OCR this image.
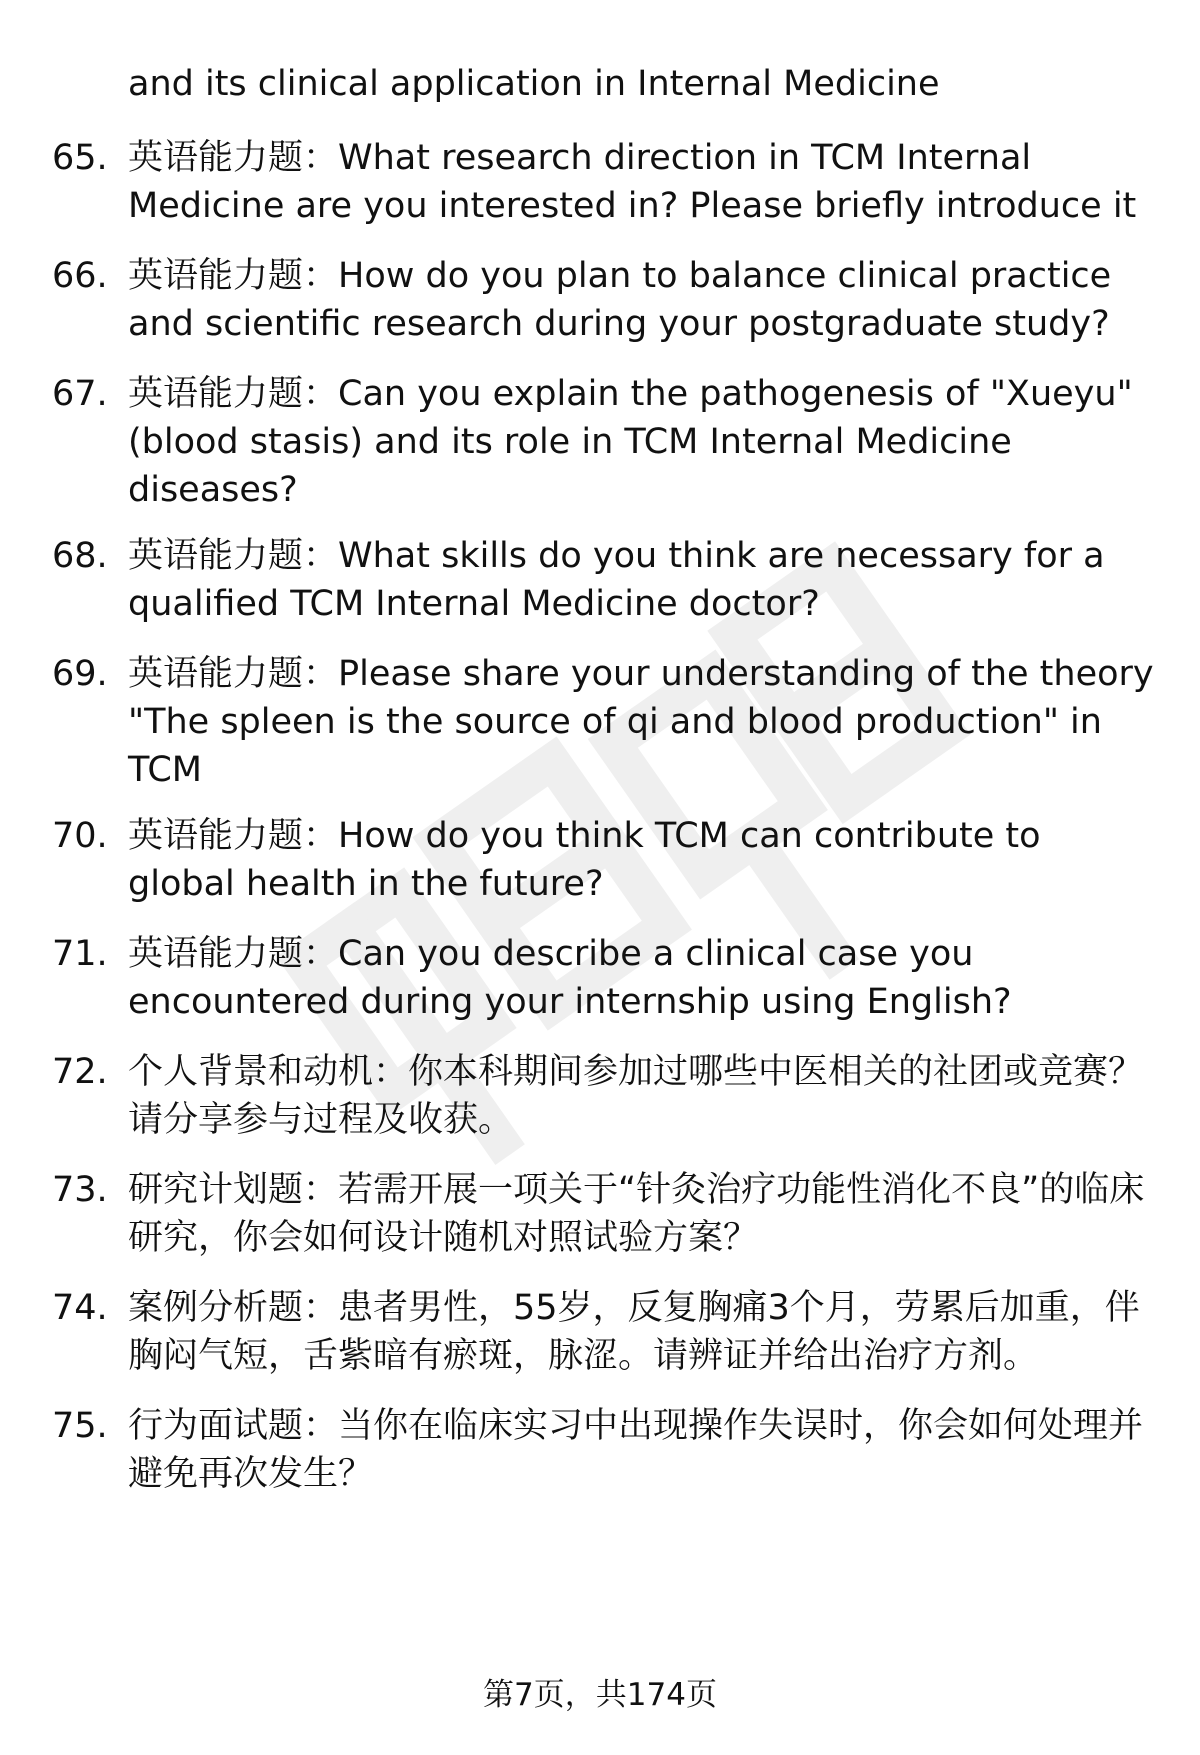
and its clinical application in Internal Medicine
65. 英语能力题：What research direction in TCM Internal Medicine are you interested in? Please briefly introduce it
66. 英语能力题：How do you plan to balance clinical practice and scientific research during your postgraduate study?
67. 英语能力题：Can you explain the pathogenesis of "Xueyu" (blood stasis) and its role in TCM Internal Medicine diseases?
68. 英语能力题：What skills do you think are necessary for a qualified TCM Internal Medicine doctor?
69. 英语能力题：Please share your understanding of the theory "The spleen is the source of qi and blood production" in TCM
70. 英语能力题：How do you think TCM can contribute to global health in the future?
71. 英语能力题：Can you describe a clinical case you encountered during your internship using English?
72. 个人背景和动机：你本科期间参加过哪些中医相关的社团或竞赛？请分享参与过程及收获。
73. 研究计划题：若需开展一项关于“针灸治疗功能性消化不良”的临床研究，你会如何设计随机对照试验方案？
74. 案例分析题：患者男性，55岁，反复胸痛3个月，劳累后加重，伴胸闷气短，舌紫暗有瘀斑，脉涩。请辨证并给出治疗方剂。
75. 行为面试题：当你在临床实习中出现操作失误时，你会如何处理并避免再次发生？
第7页，共174页
